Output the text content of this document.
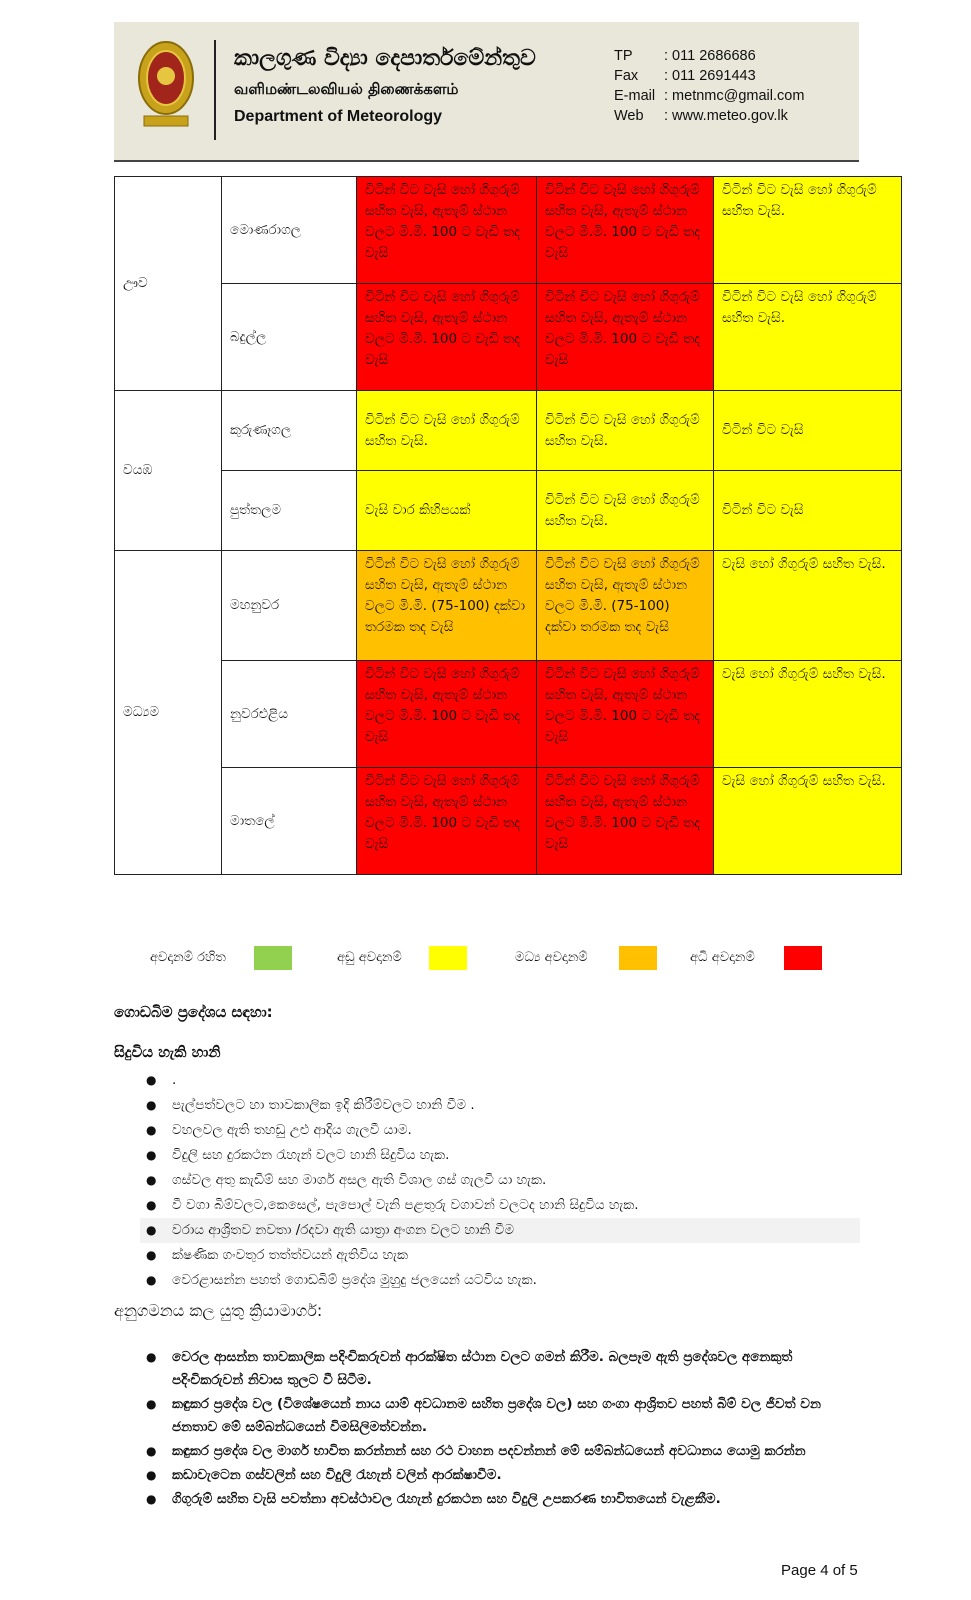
කාලගුණ විද්‍යා දෙපාර්තමේන්තුව
வளிமண்டலவியல் திணைக்களம்
Department of Meteorology
TP : 011 2686686
Fax : 011 2691443
E-mail : metnmc@gmail.com
Web : www.meteo.gov.lk
ඌව	මොණරාගල	විටින් විට වැසි හෝ ගිගුරුම් සහිත වැසි, ඇතැම් ස්ථාන වලට මි.මි. 100 ට වැඩි තද වැසි	විටින් විට වැසි හෝ ගිගුරුම් සහිත වැසි, ඇතැම් ස්ථාන වලට මි.මි. 100 ට වැඩි තද වැසි	විටින් විට වැසි හෝ ගිගුරුම් සහිත වැසි.
	බදුල්ල	විටින් විට වැසි හෝ ගිගුරුම් සහිත වැසි, ඇතැම් ස්ථාන වලට මි.මි. 100 ට වැඩි තද වැසි	විටින් විට වැසි හෝ ගිගුරුම් සහිත වැසි, ඇතැම් ස්ථාන වලට මි.මි. 100 ට වැඩි තද වැසි	විටින් විට වැසි හෝ ගිගුරුම් සහිත වැසි.
වයඹ	කුරුණෑගල	විටින් විට වැසි හෝ ගිගුරුම් සහිත වැසි.	විටින් විට වැසි හෝ ගිගුරුම් සහිත වැසි.	විටින් විට වැසි
	පුත්තලම	වැසි වාර කිහිපයක්	විටින් විට වැසි හෝ ගිගුරුම් සහිත වැසි.	විටින් විට වැසි
මධ්‍යම	මහනුවර	විටින් විට වැසි හෝ ගිගුරුම් සහිත වැසි, ඇතැම් ස්ථාන වලට මි.මි. (75-100) දක්වා තරමක තද වැසි	විටින් විට වැසි හෝ ගිගුරුම් සහිත වැසි, ඇතැම් ස්ථාන වලට මි.මි. (75-100) දක්වා තරමක තද වැසි	වැසි හෝ ගිගුරුම් සහිත වැසි.
	නුවරඑළිය	විටින් විට වැසි හෝ ගිගුරුම් සහිත වැසි, ඇතැම් ස්ථාන වලට මි.මි. 100 ට වැඩි තද වැසි	විටින් විට වැසි හෝ ගිගුරුම් සහිත වැසි, ඇතැම් ස්ථාන වලට මි.මි. 100 ට වැඩි තද වැසි	වැසි හෝ ගිගුරුම් සහිත වැසි.
	මාතලේ	විටින් විට වැසි හෝ ගිගුරුම් සහිත වැසි, ඇතැම් ස්ථාන වලට මි.මි. 100 ට වැඩි තද වැසි	විටින් විට වැසි හෝ ගිගුරුම් සහිත වැසි, ඇතැම් ස්ථාන වලට මි.මි. 100 ට වැඩි තද වැසි	වැසි හෝ ගිගුරුම් සහිත වැසි.
අවදානම් රහිත	අඩු අවදානම්	මධ්‍ය අවදානම්	අධි අවදානම්
ගොඩබිම ප්‍රදේශය සඳහා:
සිදුවිය හැකි හානි
● .
● පැල්පත්වලට හා තාවකාලික ඉදි කිරීම්වලට හානි වීම .
● වහලවල ඇති තහඩු උළු ආදිය ගැලවී යාම.
● විදුලි සහ දුරකථන රැහැන් වලට හානි සිදුවිය හැක.
● ගස්වල අතු කැඩීම් සහ මාර්ග අසල ඇති විශාල ගස් ගැලවී යා හැක.
● වී වගා බිම්වලට,කෙසෙල්, පැපොල් වැනි පළතුරු වගාවන් වලටද හානි සිදුවිය හැක.
● වරාය ආශ්‍රිතව නවතා /රදවා ඇති යාත්‍රා අංගන වලට හානි වීම
● ක්ෂණික ගංවතුර තත්ත්වයන් ඇතිවිය හැක
● වෙරළාසන්න පහත් ගොඩබිම් ප්‍රදේශ මුහුදු ජලයෙන් යටවිය හැක.
අනුගමනය කල යුතු ක්‍රියාමාර්ග:
● වෙරල ආසන්න තාවකාලික පදිංචිකරුවන් ආරක්ෂිත ස්ථාන වලට ගමන් කිරීම. බලපෑම ඇති ප්‍රදේශවල අනෙකුත් පදිංචිකරුවන් නිවාස තුලට වී සිටීම.
● කඳුකර ප්‍රදේශ වල (විශේෂයෙන් නාය යාම් අවධානම සහිත ප්‍රදේශ වල) සහ ගංගා ආශ්‍රිතව පහත් බිම් වල ජීවත් වන ජනතාව මේ සම්බන්ධයෙන් විමසිලිමත්වන්න.
● කඳුකර ප්‍රදේශ වල මාර්ග භාවිත කරන්නන් සහ රථ වාහන පදවන්නන් මේ සම්බන්ධයෙන් අවධානය යොමු කරන්න
● කඩාවැටෙන ගස්වලින් සහ විදුලි රැහැන් වලින් ආරක්ෂාවීම.
● ගිගුරුම් සහිත වැසි පවත්නා අවස්ථාවල රැහැන් දුරකථන සහ විදුලි උපකරණ භාවිතයෙන් වැළකීම.
Page 4 of 5
